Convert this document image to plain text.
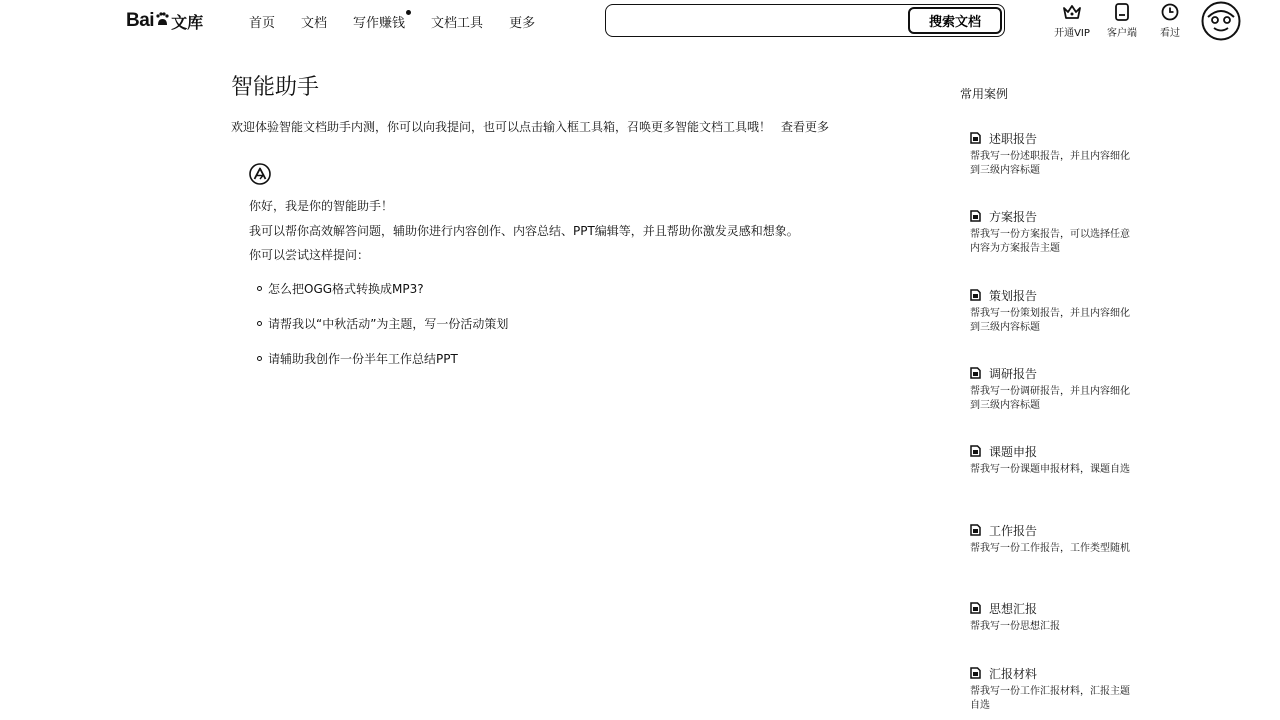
Bai 文库	首页 文档 写作赚钱 文档工具 更多	搜索文档
开通VIP	客户端	看过
智能助手
欢迎体验智能文档助手内测，你可以向我提问，也可以点击输入框工具箱，召唤更多智能文档工具哦！ 查看更多
你好，我是你的智能助手！
我可以帮你高效解答问题，辅助你进行内容创作、内容总结、PPT编辑等，并且帮助你激发灵感和想象。
你可以尝试这样提问：
怎么把OGG格式转换成MP3?
请帮我以“中秋活动”为主题，写一份活动策划
请辅助我创作一份半年工作总结PPT
常用案例
述职报告
帮我写一份述职报告，并且内容细化到三级内容标题
方案报告
帮我写一份方案报告，可以选择任意内容为方案报告主题
策划报告
帮我写一份策划报告，并且内容细化到三级内容标题
调研报告
帮我写一份调研报告，并且内容细化到三级内容标题
课题申报
帮我写一份课题申报材料，课题自选
工作报告
帮我写一份工作报告，工作类型随机
思想汇报
帮我写一份思想汇报
汇报材料
帮我写一份工作汇报材料，汇报主题自选
